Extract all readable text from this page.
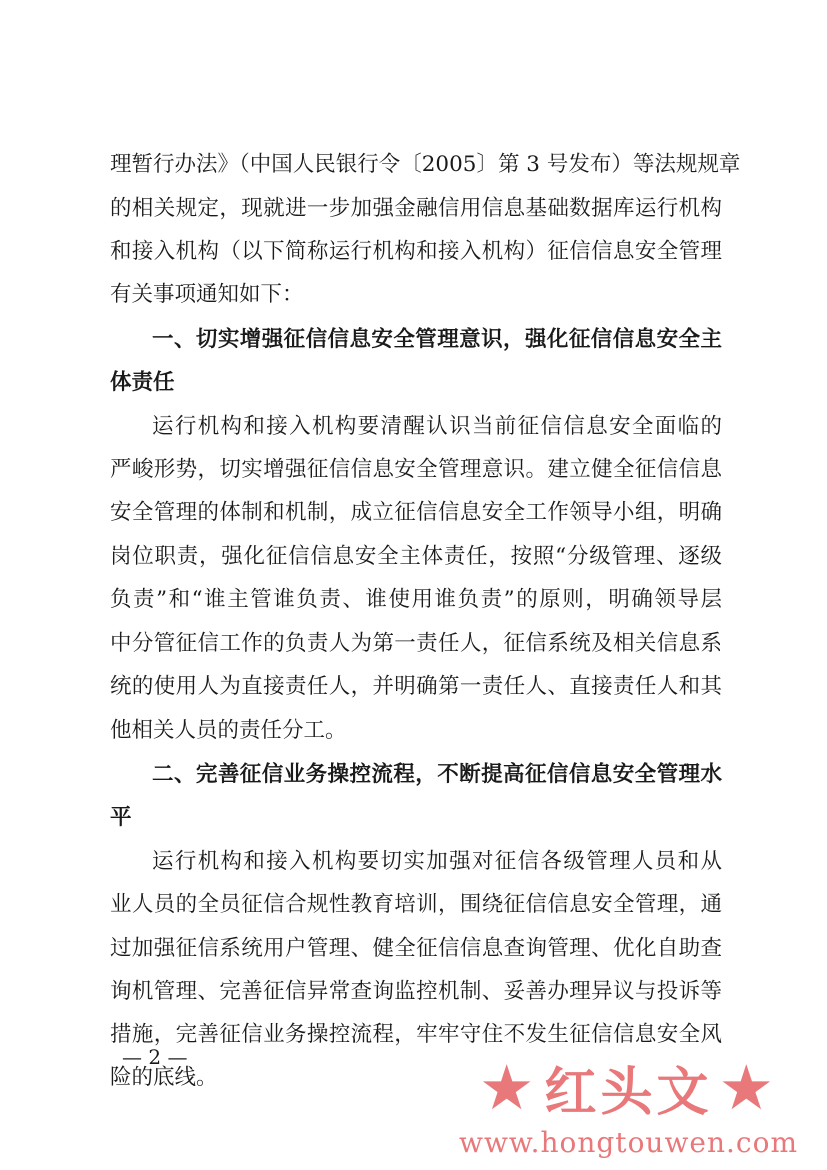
理暂行办法》（中国人民银行令〔2005〕第 3 号发布）等法规规章
的相关规定，现就进一步加强金融信用信息基础数据库运行机构
和接入机构（以下简称运行机构和接入机构）征信信息安全管理
有关事项通知如下：
一、切实增强征信信息安全管理意识，强化征信信息安全主
体责任
运行机构和接入机构要清醒认识当前征信信息安全面临的
严峻形势，切实增强征信信息安全管理意识。建立健全征信信息
安全管理的体制和机制，成立征信信息安全工作领导小组，明确
岗位职责，强化征信信息安全主体责任，按照“分级管理、逐级
负责”和“谁主管谁负责、谁使用谁负责”的原则，明确领导层
中分管征信工作的负责人为第一责任人，征信系统及相关信息系
统的使用人为直接责任人，并明确第一责任人、直接责任人和其
他相关人员的责任分工。
二、完善征信业务操控流程，不断提高征信信息安全管理水
平
运行机构和接入机构要切实加强对征信各级管理人员和从
业人员的全员征信合规性教育培训，围绕征信信息安全管理，通
过加强征信系统用户管理、健全征信信息查询管理、优化自助查
询机管理、完善征信异常查询监控机制、妥善办理异议与投诉等
措施，完善征信业务操控流程，牢牢守住不发生征信信息安全风
险的底线。
— 2 —	★ 红头文 ★
www.hongtouwen.com
